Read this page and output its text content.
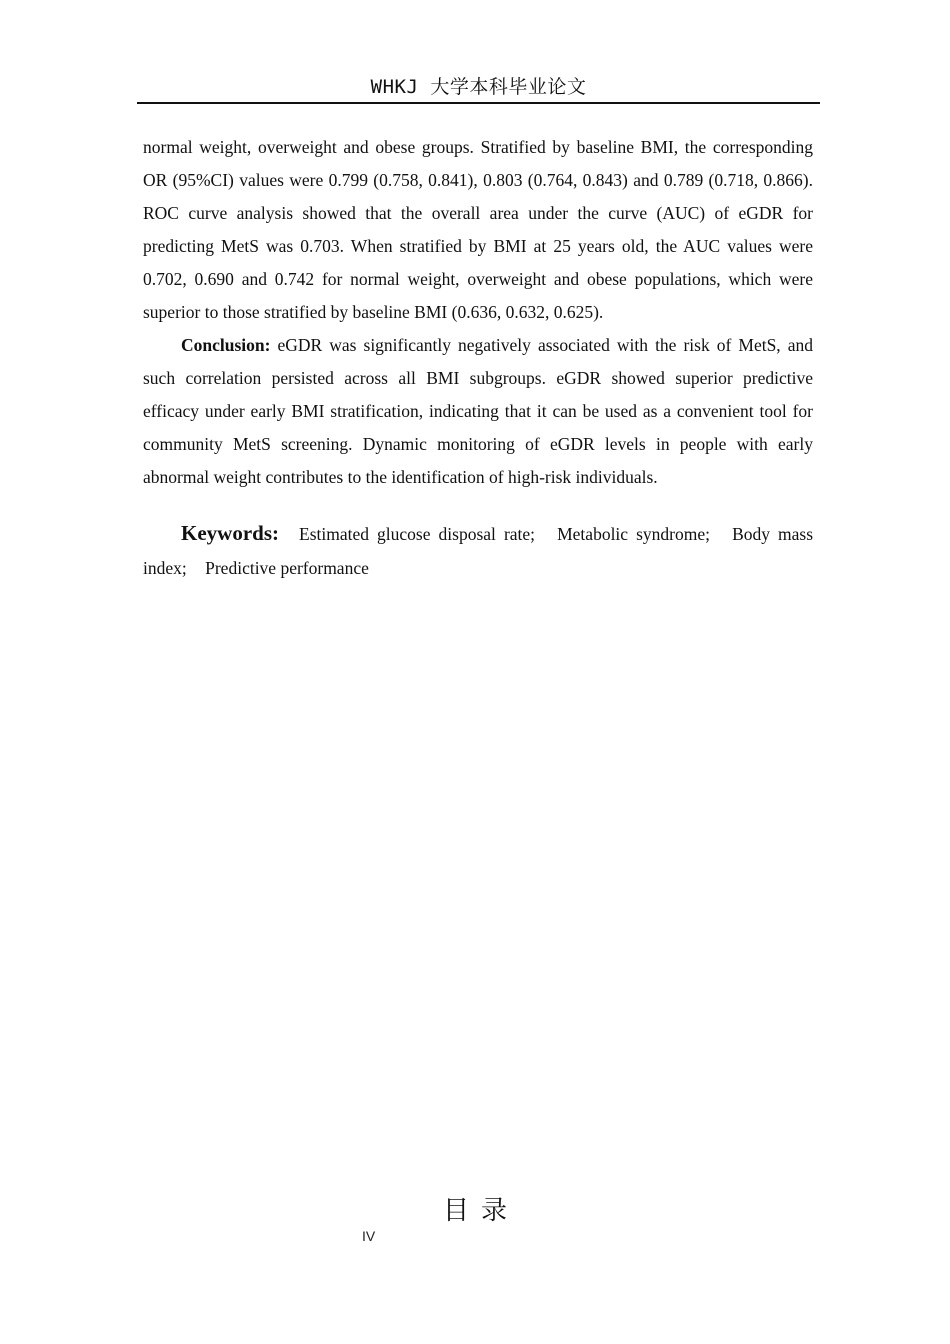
WHKJ 大学本科毕业论文

normal weight, overweight and obese groups. Stratified by baseline BMI, the corresponding OR (95%CI) values were 0.799 (0.758, 0.841), 0.803 (0.764, 0.843) and 0.789 (0.718, 0.866). ROC curve analysis showed that the overall area under the curve (AUC) of eGDR for predicting MetS was 0.703. When stratified by BMI at 25 years old, the AUC values were 0.702, 0.690 and 0.742 for normal weight, overweight and obese populations, which were superior to those stratified by baseline BMI (0.636, 0.632, 0.625).

Conclusion: eGDR was significantly negatively associated with the risk of MetS, and such correlation persisted across all BMI subgroups. eGDR showed superior predictive efficacy under early BMI stratification, indicating that it can be used as a convenient tool for community MetS screening. Dynamic monitoring of eGDR levels in people with early abnormal weight contributes to the identification of high-risk individuals.

Keywords: Estimated glucose disposal rate; Metabolic syndrome; Body mass index; Predictive performance

目录
IV
